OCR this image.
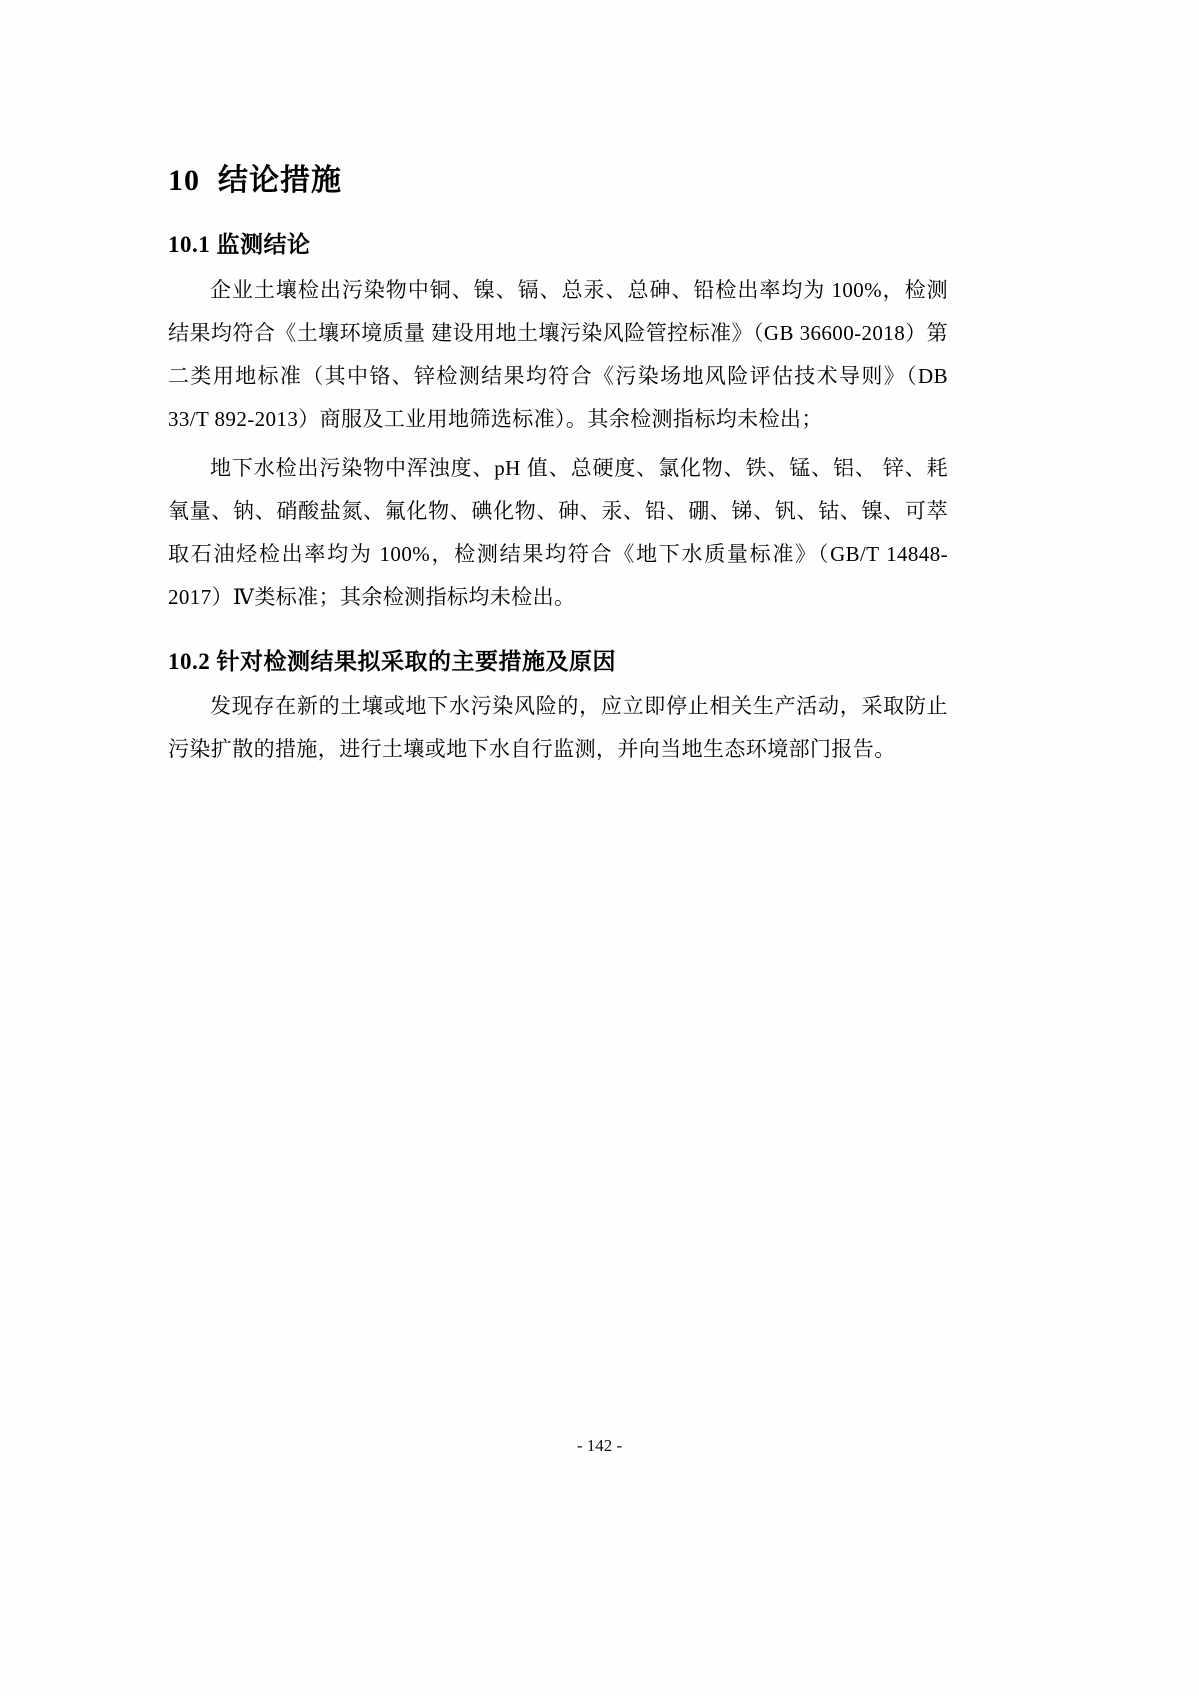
10 结论措施
10.1 监测结论

企业土壤检出污染物中铜、镍、镉、总汞、总砷、铅检出率均为 100%，检测结果均符合《土壤环境质量 建设用地土壤污染风险管控标准》（GB 36600-2018）第二类用地标准（其中铬、锌检测结果均符合《污染场地风险评估技术导则》（DB 33/T 892-2013）商服及工业用地筛选标准）。其余检测指标均未检出；

地下水检出污染物中浑浊度、pH 值、总硬度、氯化物、铁、锰、铝、 锌、耗氧量、钠、硝酸盐氮、氟化物、碘化物、砷、汞、铅、硼、锑、钒、钴、镍、可萃取石油烃检出率均为 100%，检测结果均符合《地下水质量标准》（GB/T 14848-2017）Ⅳ类标准；其余检测指标均未检出。

10.2 针对检测结果拟采取的主要措施及原因

发现存在新的土壤或地下水污染风险的，应立即停止相关生产活动，采取防止污染扩散的措施，进行土壤或地下水自行监测，并向当地生态环境部门报告。

- 142 -
